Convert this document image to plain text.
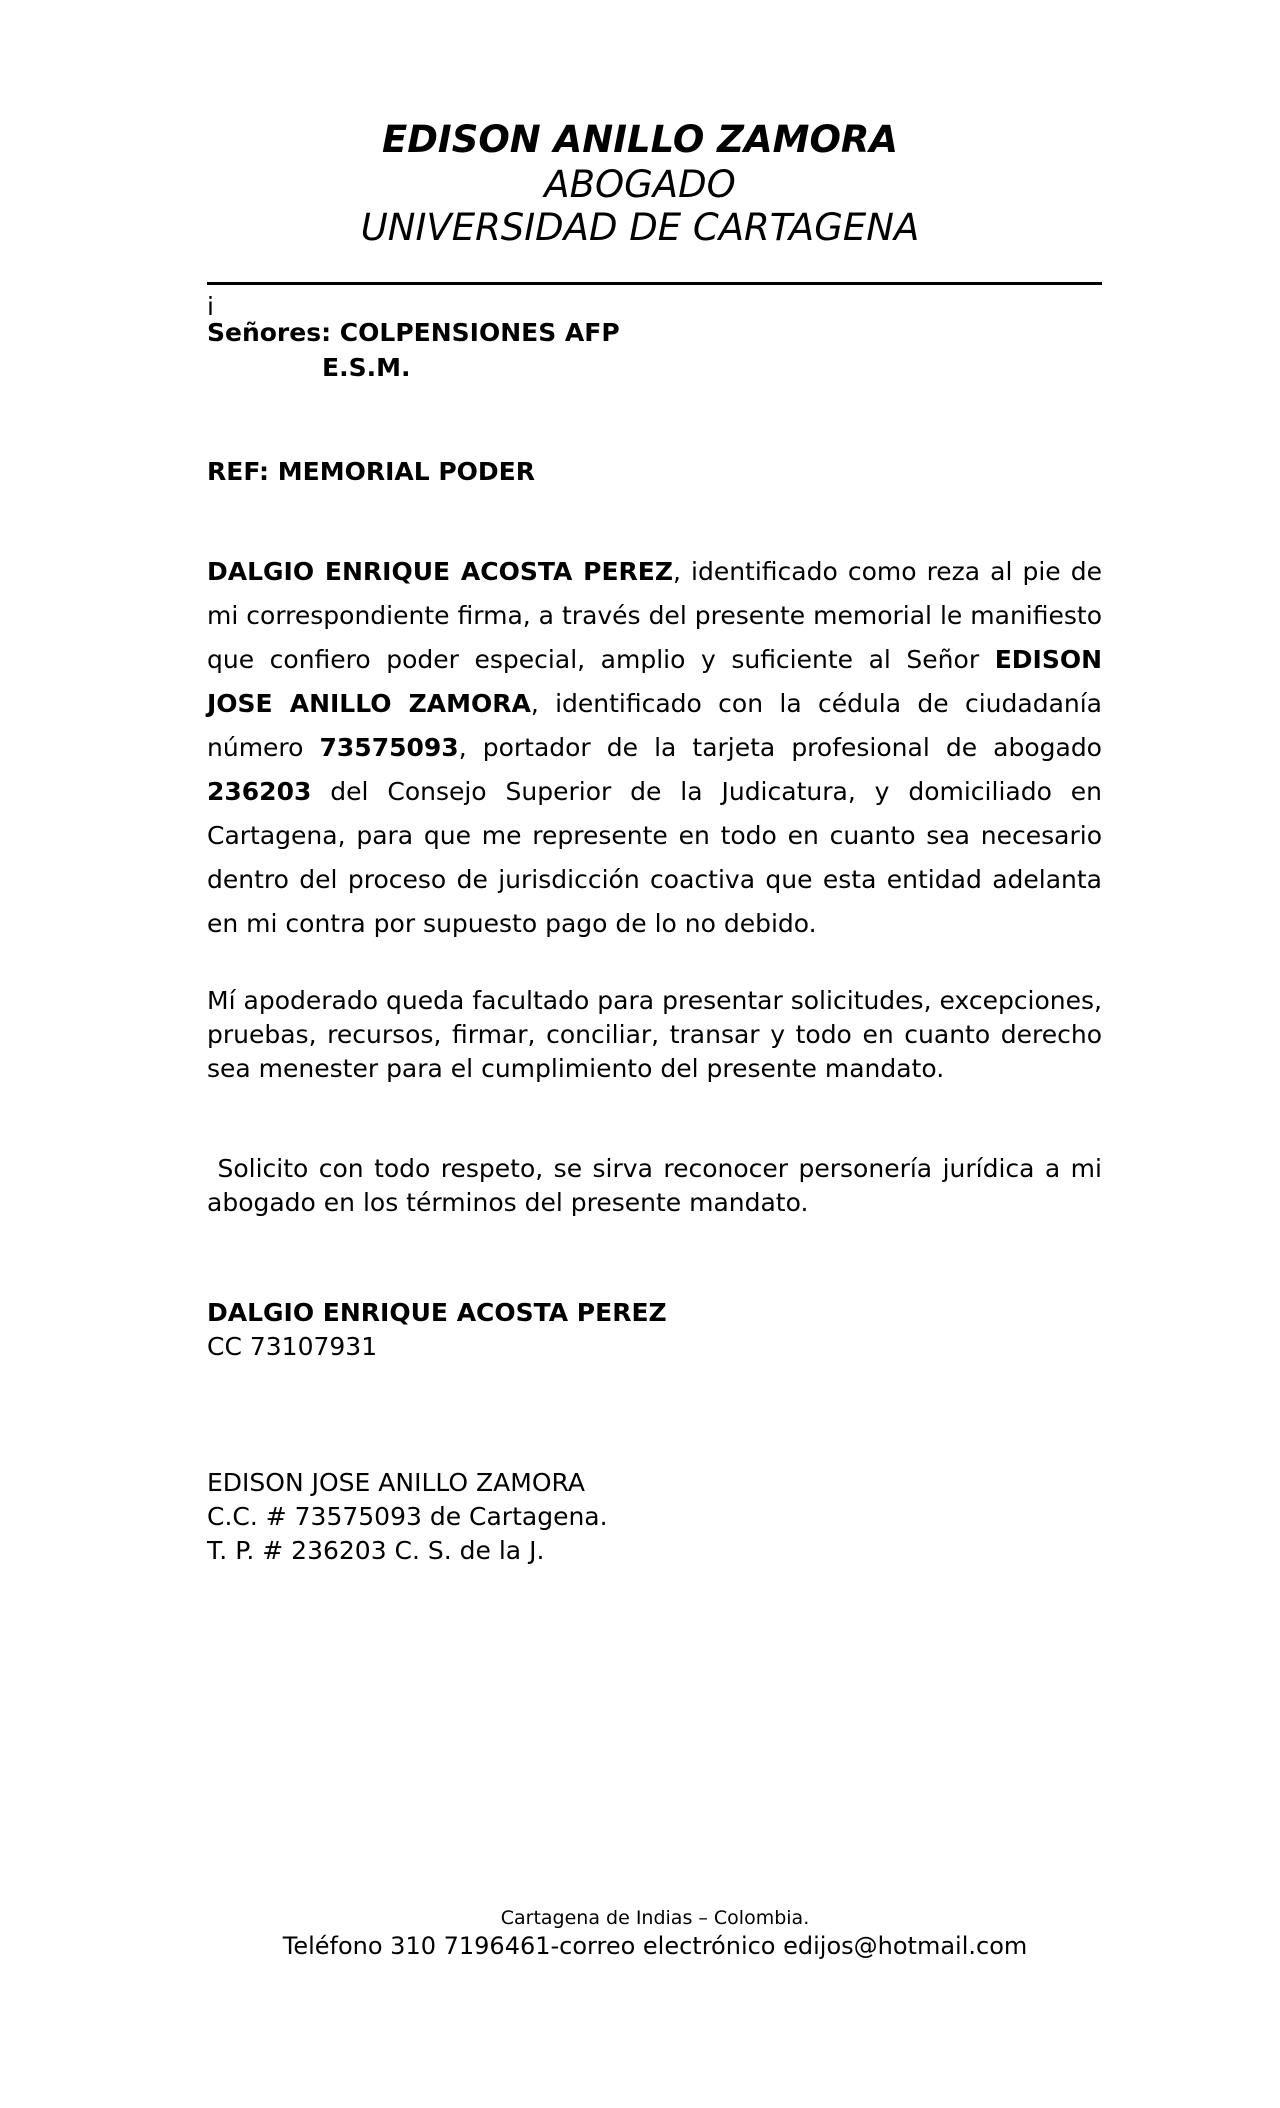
EDISON ANILLO ZAMORA
ABOGADO
UNIVERSIDAD DE CARTAGENA
i
Señores: COLPENSIONES AFP
E.S.M.
REF: MEMORIAL PODER
DALGIO ENRIQUE ACOSTA PEREZ, identificado como reza al pie de mi correspondiente firma, a través del presente memorial le manifiesto que confiero poder especial, amplio y suficiente al Señor EDISON JOSE ANILLO ZAMORA, identificado con la cédula de ciudadanía número 73575093, portador de la tarjeta profesional de abogado 236203 del Consejo Superior de la Judicatura, y domiciliado en Cartagena, para que me represente en todo en cuanto sea necesario dentro del proceso de jurisdicción coactiva que esta entidad adelanta en mi contra por supuesto pago de lo no debido.
Mí apoderado queda facultado para presentar solicitudes, excepciones, pruebas, recursos, firmar, conciliar, transar y todo en cuanto derecho sea menester para el cumplimiento del presente mandato.
Solicito con todo respeto, se sirva reconocer personería jurídica a mi abogado en los términos del presente mandato.
DALGIO ENRIQUE ACOSTA PEREZ
CC 73107931
EDISON JOSE ANILLO ZAMORA
C.C. # 73575093 de Cartagena.
T. P. # 236203 C. S. de la J.
Cartagena de Indias – Colombia.
Teléfono 310 7196461-correo electrónico edijos@hotmail.com
